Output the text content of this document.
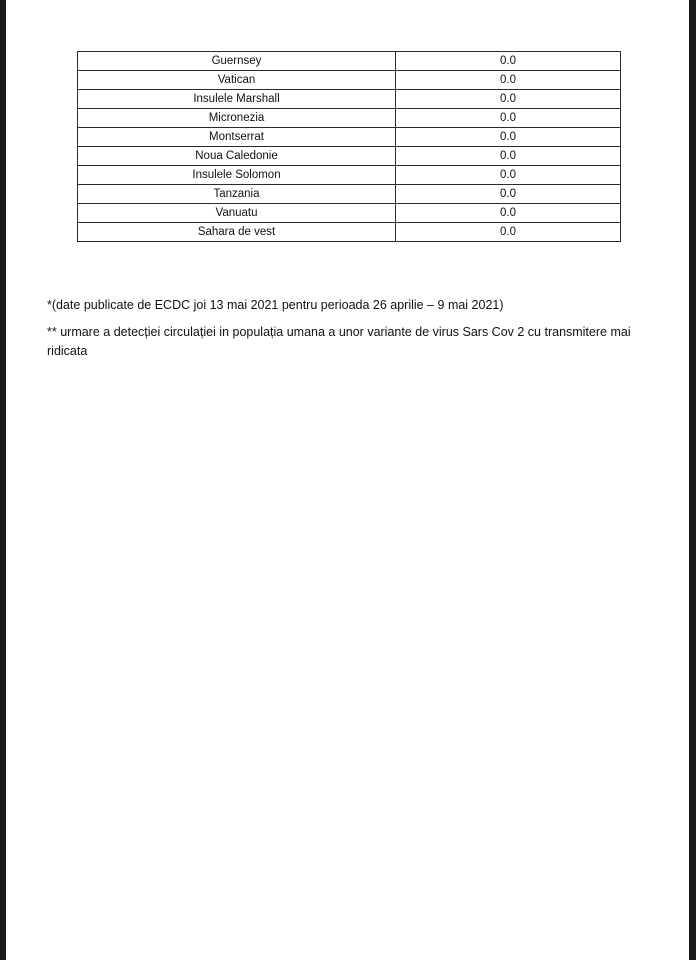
Guernsey	0.0
Vatican	0.0
Insulele Marshall	0.0
Micronezia	0.0
Montserrat	0.0
Noua Caledonie	0.0
Insulele Solomon	0.0
Tanzania	0.0
Vanuatu	0.0
Sahara de vest	0.0

*(date publicate de ECDC joi 13 mai 2021 pentru perioada 26 aprilie – 9 mai 2021)

** urmare a detecției circulației in populația umana a unor variante de virus Sars Cov 2 cu transmitere mai ridicata
